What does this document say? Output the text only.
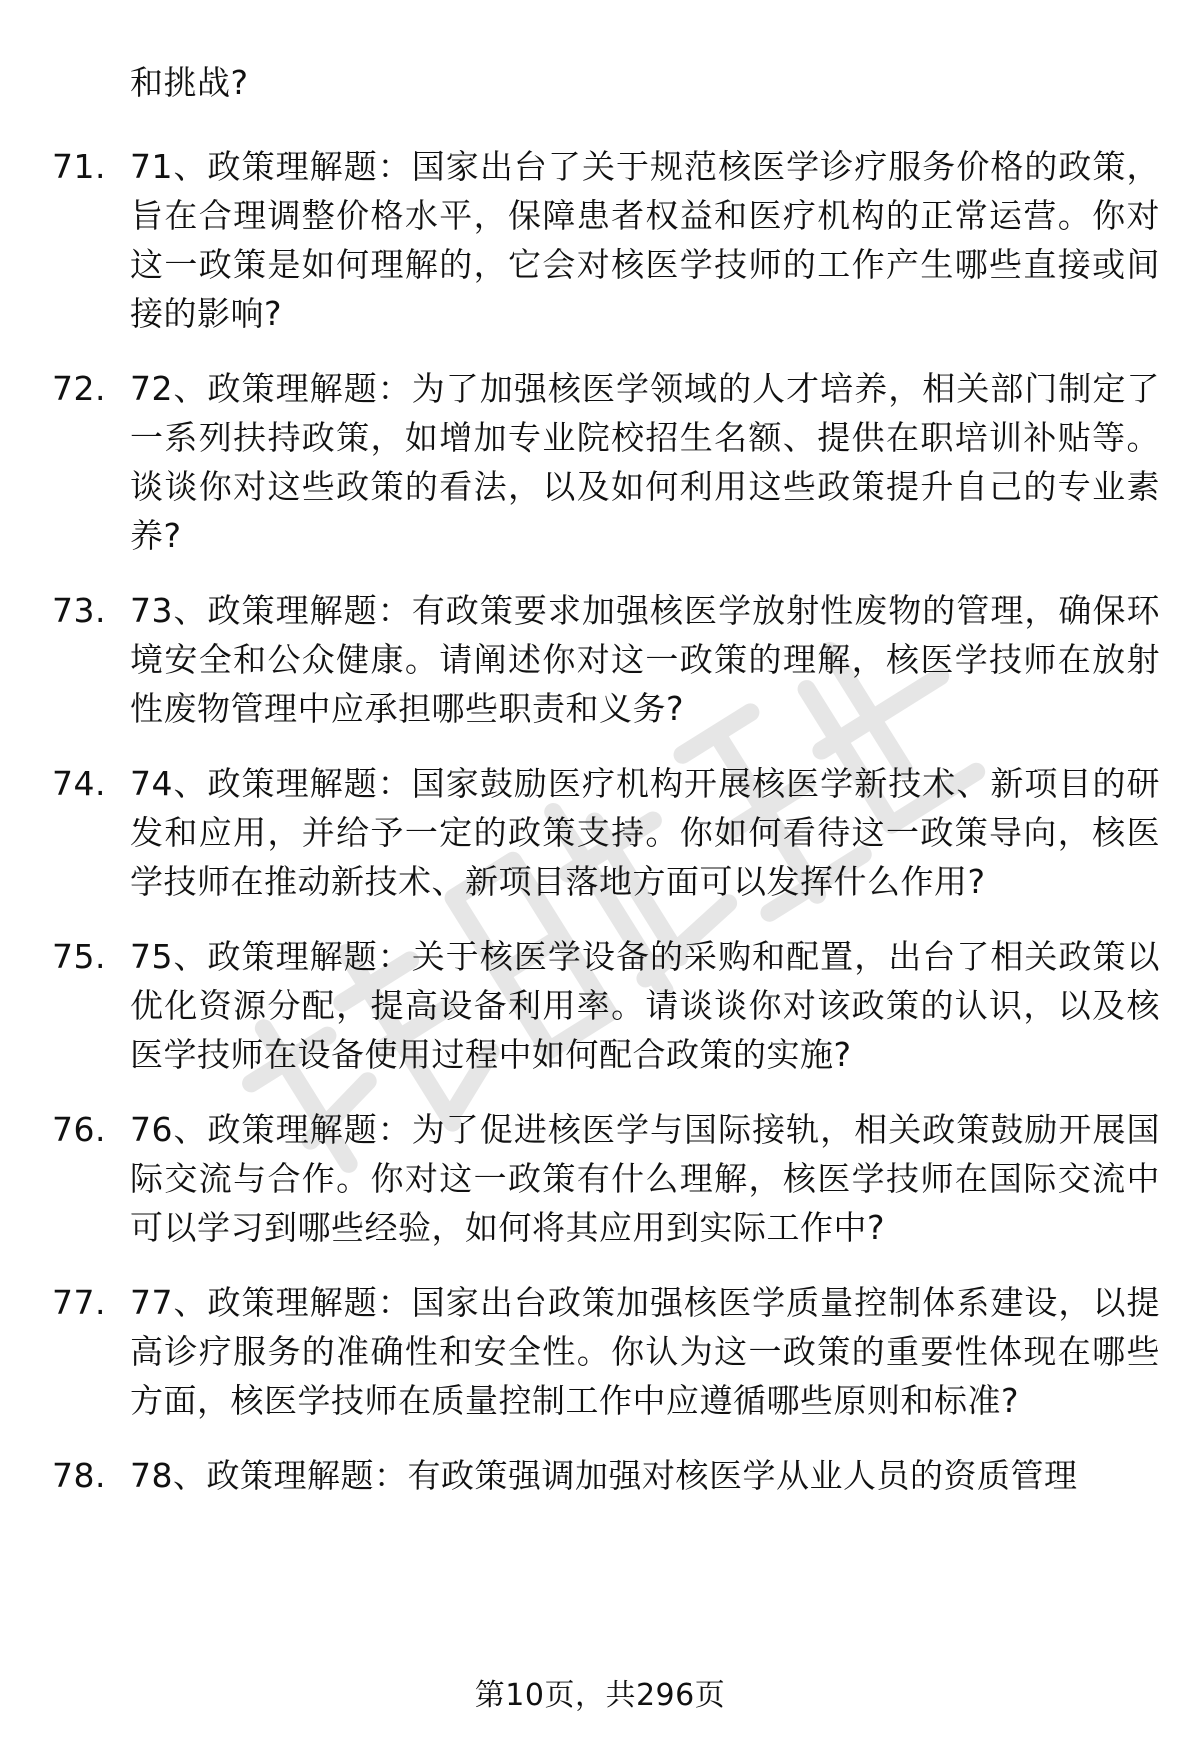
和挑战?
71. 71、政策理解题：国家出台了关于规范核医学诊疗服务价格的政策，旨在合理调整价格水平，保障患者权益和医疗机构的正常运营。你对这一政策是如何理解的，它会对核医学技师的工作产生哪些直接或间接的影响?
72. 72、政策理解题：为了加强核医学领域的人才培养，相关部门制定了一系列扶持政策，如增加专业院校招生名额、提供在职培训补贴等。谈谈你对这些政策的看法，以及如何利用这些政策提升自己的专业素养?
73. 73、政策理解题：有政策要求加强核医学放射性废物的管理，确保环境安全和公众健康。请阐述你对这一政策的理解，核医学技师在放射性废物管理中应承担哪些职责和义务?
74. 74、政策理解题：国家鼓励医疗机构开展核医学新技术、新项目的研发和应用，并给予一定的政策支持。你如何看待这一政策导向，核医学技师在推动新技术、新项目落地方面可以发挥什么作用?
75. 75、政策理解题：关于核医学设备的采购和配置，出台了相关政策以优化资源分配，提高设备利用率。请谈谈你对该政策的认识，以及核医学技师在设备使用过程中如何配合政策的实施?
76. 76、政策理解题：为了促进核医学与国际接轨，相关政策鼓励开展国际交流与合作。你对这一政策有什么理解，核医学技师在国际交流中可以学习到哪些经验，如何将其应用到实际工作中?
77. 77、政策理解题：国家出台政策加强核医学质量控制体系建设，以提高诊疗服务的准确性和安全性。你认为这一政策的重要性体现在哪些方面，核医学技师在质量控制工作中应遵循哪些原则和标准?
78. 78、政策理解题：有政策强调加强对核医学从业人员的资质管理
第10页，共296页
